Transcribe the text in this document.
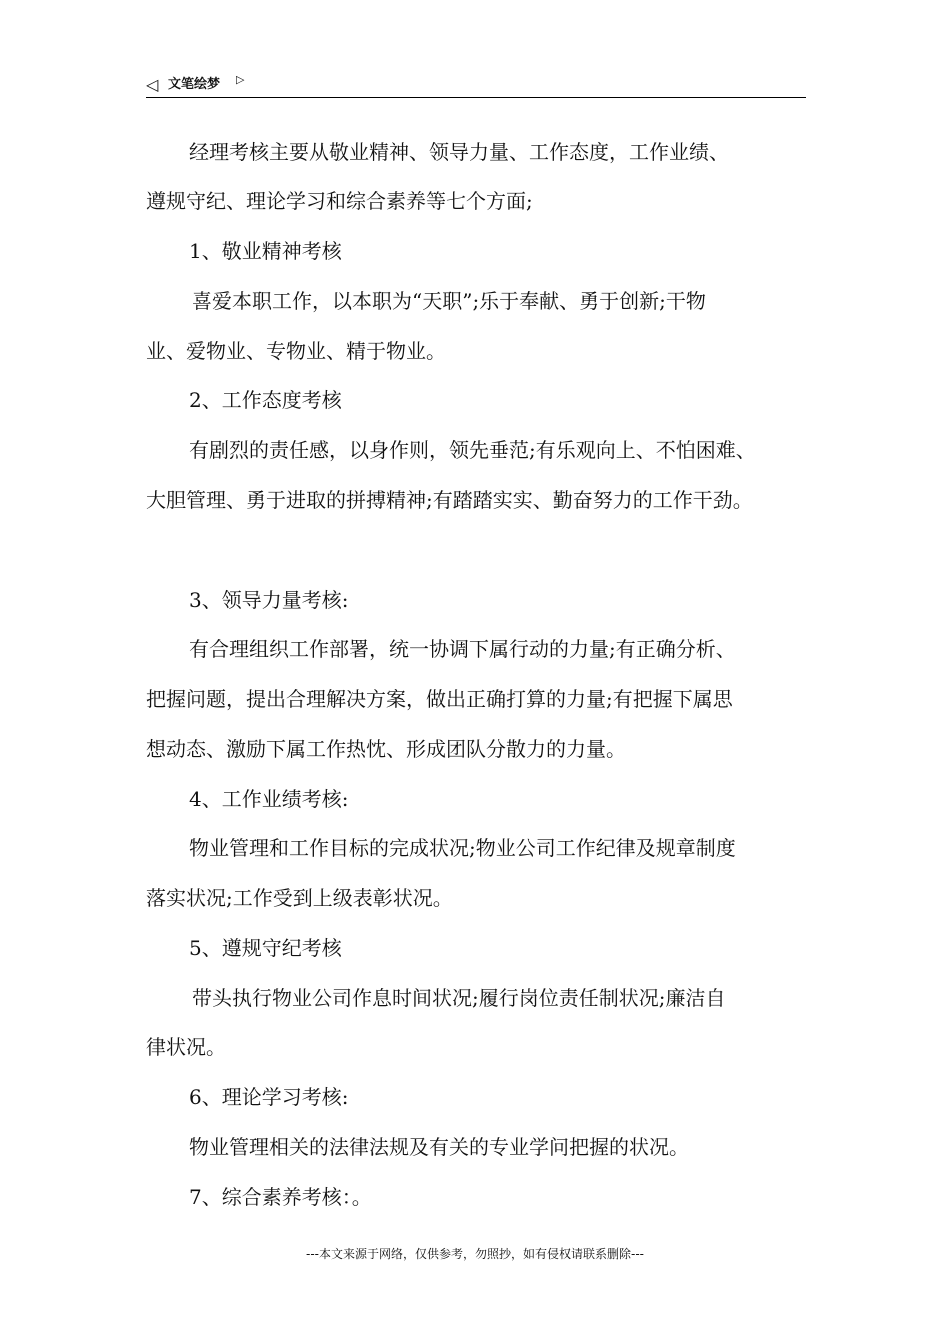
◁ 文笔绘梦 ▷
经理考核主要从敬业精神、领导力量、工作态度，工作业绩、
遵规守纪、理论学习和综合素养等七个方面;
1、敬业精神考核
喜爱本职工作，以本职为“天职”;乐于奉献、勇于创新;干物
业、爱物业、专物业、精于物业。
2、工作态度考核
有剧烈的责任感，以身作则，领先垂范;有乐观向上、不怕困难、
大胆管理、勇于进取的拼搏精神;有踏踏实实、勤奋努力的工作干劲。
3、领导力量考核:
有合理组织工作部署，统一协调下属行动的力量;有正确分析、
把握问题，提出合理解决方案，做出正确打算的力量;有把握下属思
想动态、激励下属工作热忱、形成团队分散力的力量。
4、工作业绩考核:
物业管理和工作目标的完成状况;物业公司工作纪律及规章制度
落实状况;工作受到上级表彰状况。
5、遵规守纪考核
带头执行物业公司作息时间状况;履行岗位责任制状况;廉洁自
律状况。
6、理论学习考核:
物业管理相关的法律法规及有关的专业学问把握的状况。
7、综合素养考核：。
---本文来源于网络，仅供参考，勿照抄，如有侵权请联系删除---
